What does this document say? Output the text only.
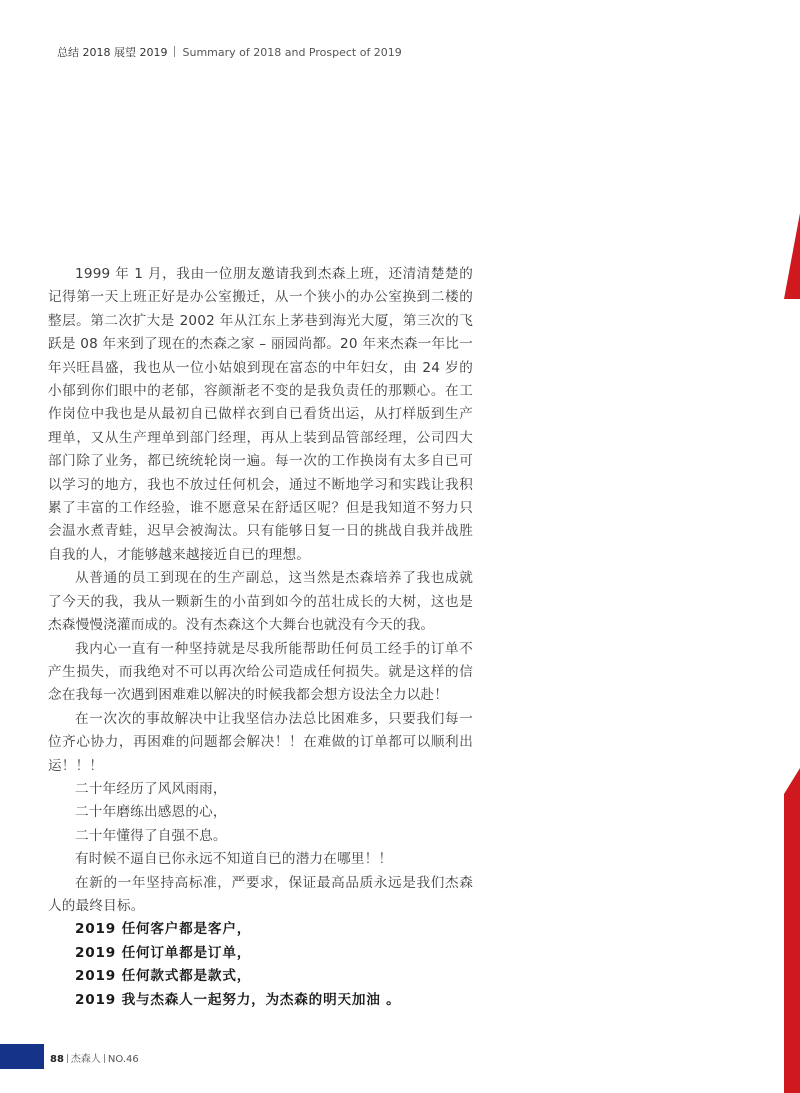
总结 2018 展望 2019 Summary of 2018 and Prospect of 2019

1999 年 1 月，我由一位朋友邀请我到杰森上班，还清清楚楚的记得第一天上班正好是办公室搬迁，从一个狭小的办公室换到二楼的整层。第二次扩大是 2002 年从江东上茅巷到海光大厦，第三次的飞跃是 08 年来到了现在的杰森之家 – 丽园尚都。20 年来杰森一年比一年兴旺昌盛，我也从一位小姑娘到现在富态的中年妇女，由 24 岁的小郁到你们眼中的老郁，容颜渐老不变的是我负责任的那颗心。在工作岗位中我也是从最初自已做样衣到自已看货出运，从打样版到生产理单，又从生产理单到部门经理，再从上装到品管部经理，公司四大部门除了业务，都已统统轮岗一遍。每一次的工作换岗有太多自已可以学习的地方，我也不放过任何机会，通过不断地学习和实践让我积累了丰富的工作经验，谁不愿意呆在舒适区呢？但是我知道不努力只会温水煮青蛙，迟早会被淘汰。只有能够日复一日的挑战自我并战胜自我的人，才能够越来越接近自已的理想。

从普通的员工到现在的生产副总，这当然是杰森培养了我也成就了今天的我，我从一颗新生的小苗到如今的茁壮成长的大树，这也是杰森慢慢浇灌而成的。没有杰森这个大舞台也就没有今天的我。

我内心一直有一种坚持就是尽我所能帮助任何员工经手的订单不产生损失，而我绝对不可以再次给公司造成任何损失。就是这样的信念在我每一次遇到困难难以解决的时候我都会想方设法全力以赴！

在一次次的事故解决中让我坚信办法总比困难多，只要我们每一位齐心协力，再困难的问题都会解决！！在难做的订单都可以顺利出运！！！

二十年经历了风风雨雨，

二十年磨练出感恩的心，

二十年懂得了自强不息。

有时候不逼自已你永远不知道自已的潜力在哪里！！

在新的一年坚持高标准，严要求，保证最高品质永远是我们杰森人的最终目标。

2019 任何客户都是客户，

2019 任何订单都是订单，

2019 任何款式都是款式，

2019 我与杰森人一起努力，为杰森的明天加油 。

88 杰森人 NO.46
